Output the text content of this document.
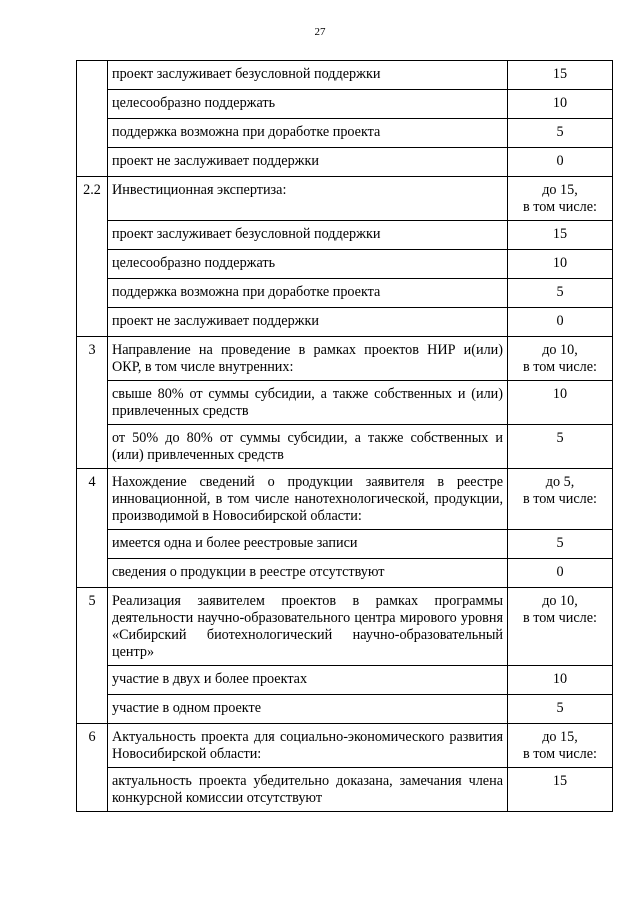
27
	проект заслуживает безусловной поддержки	15
	целесообразно поддержать	10
	поддержка возможна при доработке проекта	5
	проект не заслуживает поддержки	0
2.2	Инвестиционная экспертиза:	до 15,
в том числе:
	проект заслуживает безусловной поддержки	15
	целесообразно поддержать	10
	поддержка возможна при доработке проекта	5
	проект не заслуживает поддержки	0
3	Направление на проведение в рамках проектов НИР и(или) ОКР, в том числе внутренних:	до 10,
в том числе:
	свыше 80% от суммы субсидии, а также собственных и (или) привлеченных средств	10
	от 50% до 80% от суммы субсидии, а также собственных и (или) привлеченных средств	5
4	Нахождение сведений о продукции заявителя в реестре инновационной, в том числе нанотехнологической, продукции, производимой в Новосибирской области:	до 5,
в том числе:
	имеется одна и более реестровые записи	5
	сведения о продукции в реестре отсутствуют	0
5	Реализация заявителем проектов в рамках программы деятельности научно-образовательного центра мирового уровня «Сибирский биотехнологический научно-образовательный центр»	до 10,
в том числе:
	участие в двух и более проектах	10
	участие в одном проекте	5
6	Актуальность проекта для социально-экономического развития Новосибирской области:	до 15,
в том числе:
	актуальность проекта убедительно доказана, замечания члена конкурсной комиссии отсутствуют	15
